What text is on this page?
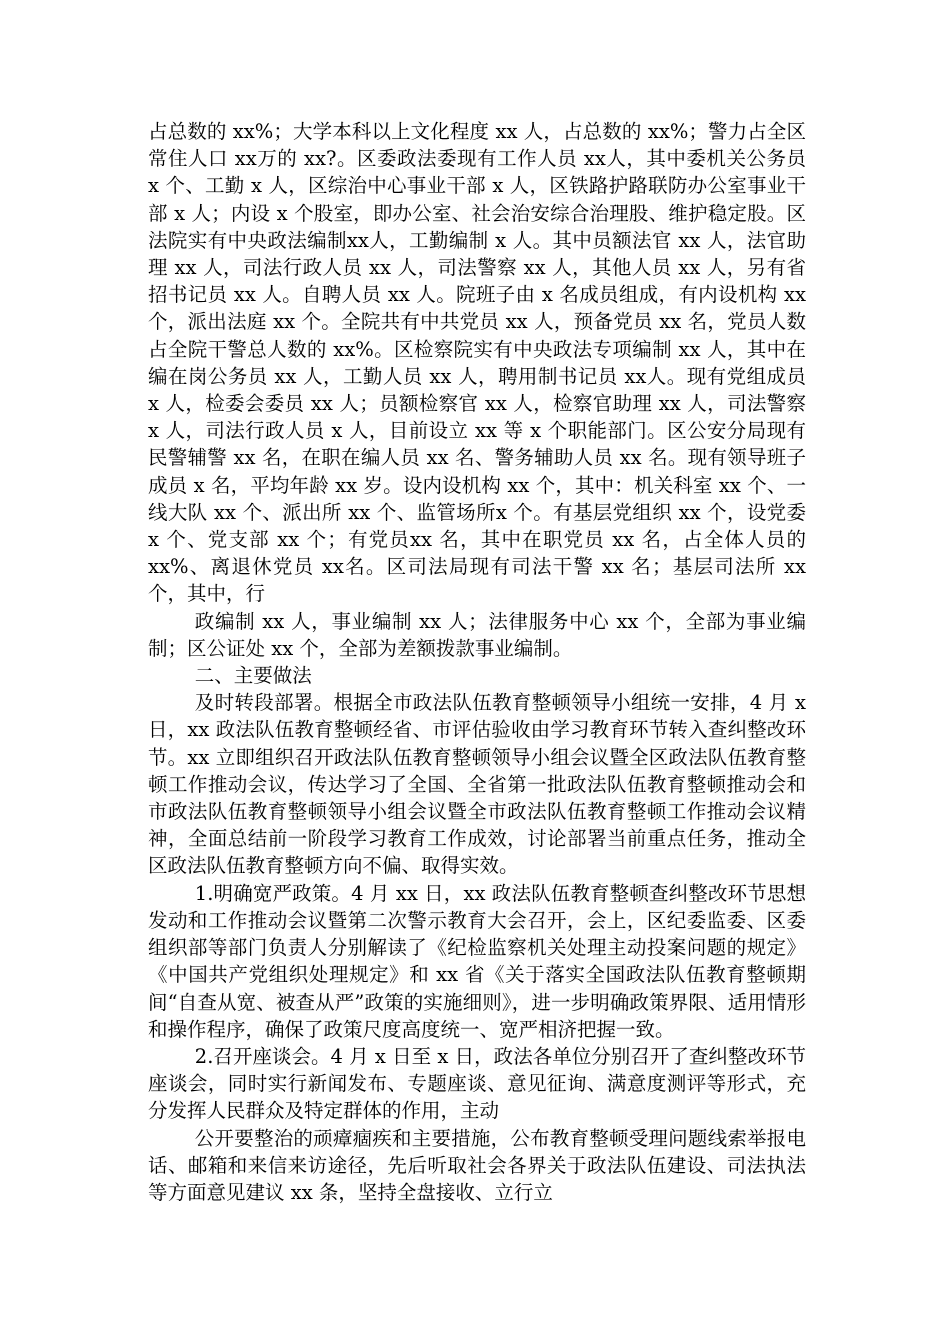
占总数的 xx%；大学本科以上文化程度 xx 人，占总数的 xx%；警力占全区常住人口 xx万的 xx?。区委政法委现有工作人员 xx人，其中委机关公务员 x 个、工勤 x 人，区综治中心事业干部 x 人，区铁路护路联防办公室事业干部 x 人；内设 x 个股室，即办公室、社会治安综合治理股、维护稳定股。区法院实有中央政法编制xx人，工勤编制 x 人。其中员额法官 xx 人，法官助理 xx 人，司法行政人员 xx 人，司法警察 xx 人，其他人员 xx 人，另有省招书记员 xx 人。自聘人员 xx 人。院班子由 x 名成员组成，有内设机构 xx 个，派出法庭 xx 个。全院共有中共党员 xx 人，预备党员 xx 名，党员人数占全院干警总人数的 xx%。区检察院实有中央政法专项编制 xx 人，其中在编在岗公务员 xx 人，工勤人员 xx 人，聘用制书记员 xx人。现有党组成员 x 人，检委会委员 xx 人；员额检察官 xx 人，检察官助理 xx 人，司法警察 x 人，司法行政人员 x 人，目前设立 xx 等 x 个职能部门。区公安分局现有民警辅警 xx 名，在职在编人员 xx 名、警务辅助人员 xx 名。现有领导班子成员 x 名，平均年龄 xx 岁。设内设机构 xx 个，其中：机关科室 xx 个、一线大队 xx 个、派出所 xx 个、监管场所x 个。有基层党组织 xx 个，设党委 x 个、党支部 xx 个；有党员xx 名，其中在职党员 xx 名，占全体人员的 xx%、离退休党员 xx名。区司法局现有司法干警 xx 名；基层司法所 xx 个，其中，行

政编制 xx 人，事业编制 xx 人；法律服务中心 xx 个，全部为事业编制；区公证处 xx 个，全部为差额拨款事业编制。

二、主要做法

及时转段部署。根据全市政法队伍教育整顿领导小组统一安排，4 月 x 日，xx 政法队伍教育整顿经省、市评估验收由学习教育环节转入查纠整改环节。xx 立即组织召开政法队伍教育整顿领导小组会议暨全区政法队伍教育整顿工作推动会议，传达学习了全国、全省第一批政法队伍教育整顿推动会和市政法队伍教育整顿领导小组会议暨全市政法队伍教育整顿工作推动会议精神，全面总结前一阶段学习教育工作成效，讨论部署当前重点任务，推动全区政法队伍教育整顿方向不偏、取得实效。

1.明确宽严政策。4 月 xx 日，xx 政法队伍教育整顿查纠整改环节思想发动和工作推动会议暨第二次警示教育大会召开，会上，区纪委监委、区委组织部等部门负责人分别解读了《纪检监察机关处理主动投案问题的规定》《中国共产党组织处理规定》和 xx 省《关于落实全国政法队伍教育整顿期间“自查从宽、被查从严”政策的实施细则》，进一步明确政策界限、适用情形和操作程序，确保了政策尺度高度统一、宽严相济把握一致。

2.召开座谈会。4 月 x 日至 x 日，政法各单位分别召开了查纠整改环节座谈会，同时实行新闻发布、专题座谈、意见征询、满意度测评等形式，充分发挥人民群众及特定群体的作用，主动

公开要整治的顽瘴痼疾和主要措施，公布教育整顿受理问题线索举报电话、邮箱和来信来访途径，先后听取社会各界关于政法队伍建设、司法执法等方面意见建议 xx 条，坚持全盘接收、立行立
